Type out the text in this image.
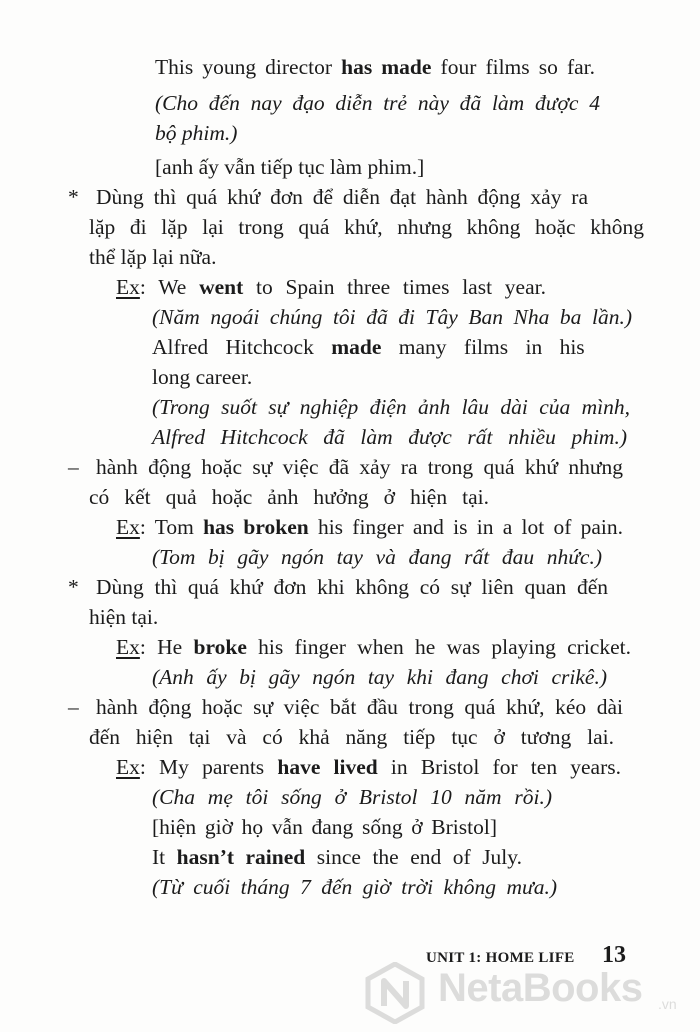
This young director has made four films so far.
(Cho đến nay đạo diễn trẻ này đã làm được 4
bộ phim.)
[anh ấy vẫn tiếp tục làm phim.]
* Dùng thì quá khứ đơn để diễn đạt hành động xảy ra
lặp đi lặp lại trong quá khứ, nhưng không hoặc không
thể lặp lại nữa.
Ex: We went to Spain three times last year.
(Năm ngoái chúng tôi đã đi Tây Ban Nha ba lần.)
Alfred Hitchcock made many films in his
long career.
(Trong suốt sự nghiệp điện ảnh lâu dài của mình,
Alfred Hitchcock đã làm được rất nhiều phim.)
– hành động hoặc sự việc đã xảy ra trong quá khứ nhưng
có kết quả hoặc ảnh hưởng ở hiện tại.
Ex: Tom has broken his finger and is in a lot of pain.
(Tom bị gãy ngón tay và đang rất đau nhức.)
* Dùng thì quá khứ đơn khi không có sự liên quan đến
hiện tại.
Ex: He broke his finger when he was playing cricket.
(Anh ấy bị gãy ngón tay khi đang chơi crikê.)
– hành động hoặc sự việc bắt đầu trong quá khứ, kéo dài
đến hiện tại và có khả năng tiếp tục ở tương lai.
Ex: My parents have lived in Bristol for ten years.
(Cha mẹ tôi sống ở Bristol 10 năm rồi.)
[hiện giờ họ vẫn đang sống ở Bristol]
It hasn’t rained since the end of July.
(Từ cuối tháng 7 đến giờ trời không mưa.)
UNIT 1: HOME LIFE 13
NetaBooks .vn
